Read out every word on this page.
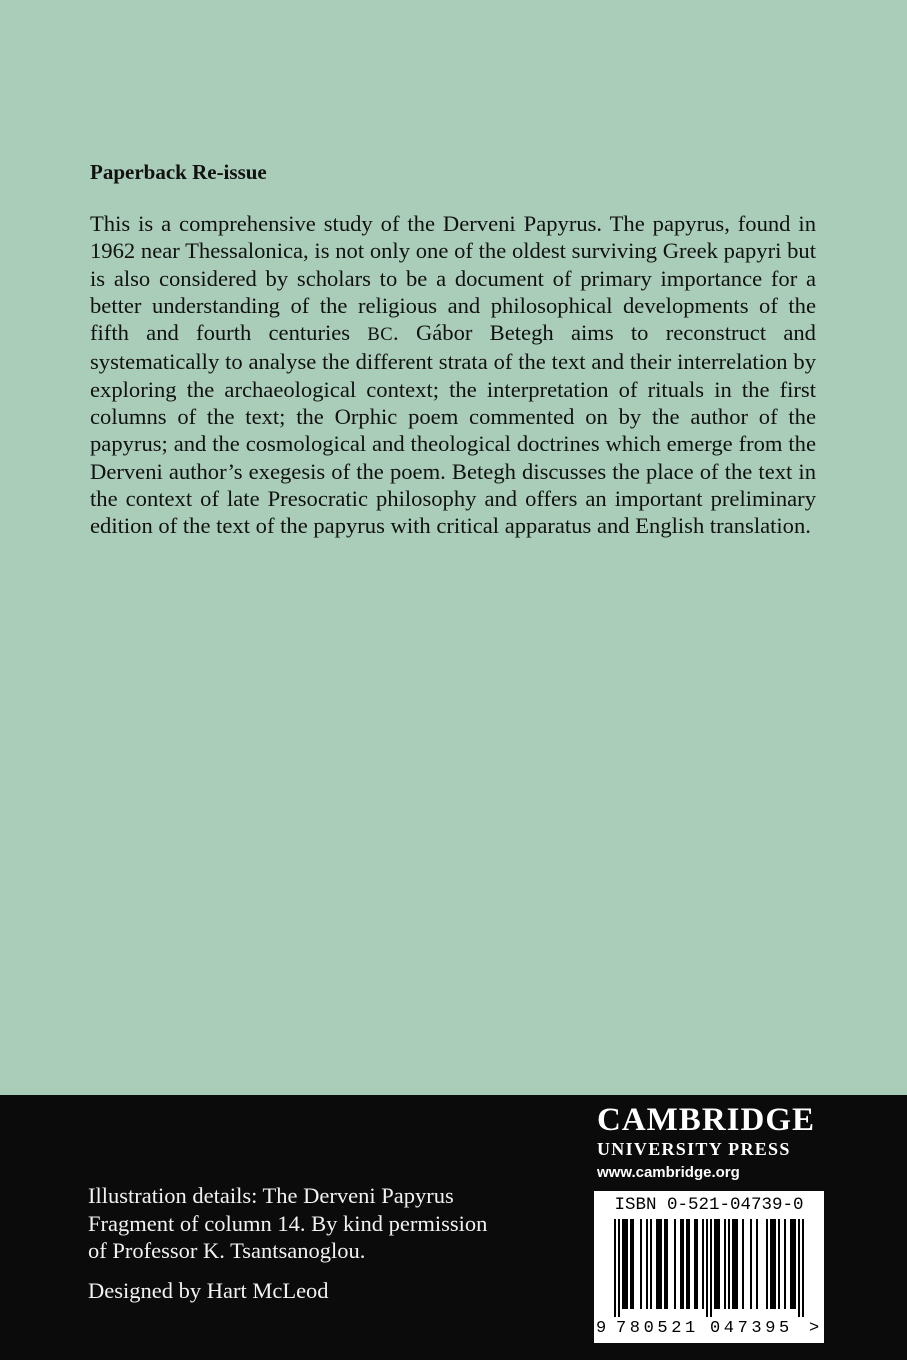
Paperback Re-issue

This is a comprehensive study of the Derveni Papyrus. The papyrus, found in 1962 near Thessalonica, is not only one of the oldest surviving Greek papyri but is also considered by scholars to be a document of primary importance for a better understanding of the religious and philosophical developments of the fifth and fourth centuries BC. Gábor Betegh aims to reconstruct and systematically to analyse the different strata of the text and their interrelation by exploring the archaeological context; the interpretation of rituals in the first columns of the text; the Orphic poem commented on by the author of the papyrus; and the cosmological and theological doctrines which emerge from the Derveni author’s exegesis of the poem. Betegh discusses the place of the text in the context of late Presocratic philosophy and offers an important preliminary edition of the text of the papyrus with critical apparatus and English translation.

Illustration details: The Derveni Papyrus

Fragment of column 14. By kind permission

of Professor K. Tsantsanoglou.

Designed by Hart McLeod

CAMBRIDGE
UNIVERSITY PRESS
www.cambridge.org
ISBN 0-521-04739-0
9 780521 047395 >
